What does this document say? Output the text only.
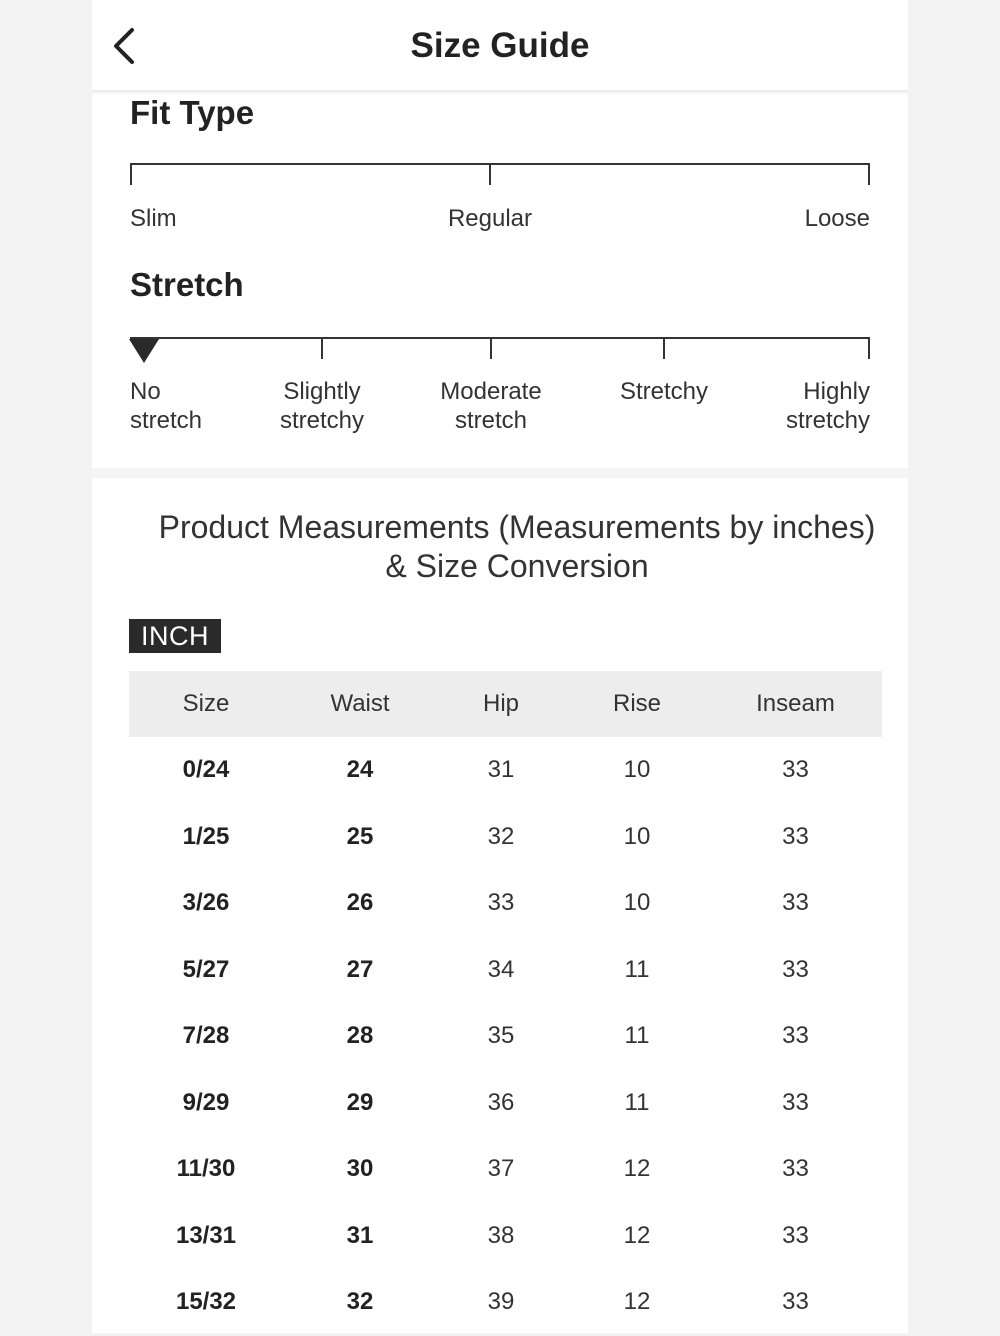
Size Guide
Fit Type
Slim	Regular	Loose
Stretch
No
stretch
Slightly
stretchy
Moderate
stretch
Stretchy	Highly
stretchy
Product Measurements (Measurements by inches) & Size Conversion
INCH
Size	Waist	Hip	Rise	Inseam
0/24	24	31	10	33
1/25	25	32	10	33
3/26	26	33	10	33
5/27	27	34	11	33
7/28	28	35	11	33
9/29	29	36	11	33
11/30	30	37	12	33
13/31	31	38	12	33
15/32	32	39	12	33
